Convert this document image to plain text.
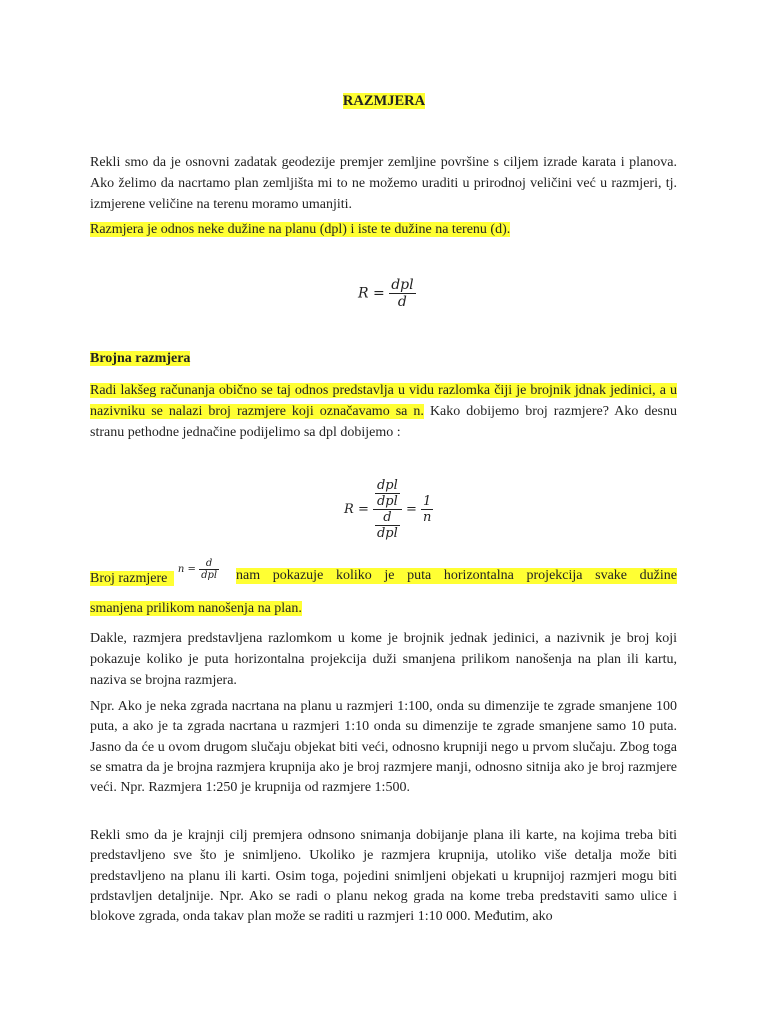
RAZMJERA
Rekli smo da je osnovni zadatak geodezije premjer zemljine površine s ciljem izrade karata i planova. Ako želimo da nacrtamo plan zemljišta mi to ne možemo uraditi u prirodnoj veličini već u razmjeri, tj. izmjerene veličine na terenu moramo umanjiti.
Razmjera je odnos neke dužine na planu (dpl) i iste te dužine na terenu (d).
$R = \frac{\text{dpl}}{d}$
Brojna razmjera
Radi lakšeg računanja obično se taj odnos predstavlja u vidu razlomka čiji je brojnik jdnak jedinici, a u nazivniku se nalazi broj razmjere koji označavamo sa n. Kako dobijemo broj razmjere? Ako desnu stranu pethodne jednačine podijelimo sa dpl dobijemo :
$R = \frac{\frac{\text{dpl}}{\text{dpl}}}{\frac{d}{\text{dpl}}} = \frac{1}{n}$
Broj razmjere   $^{n = \frac{d}{\text{dpl}}}$ nam pokazuje koliko je puta horizontalna projekcija svake dužine
smanjena prilikom nanošenja na plan.
Dakle, razmjera predstavljena razlomkom u kome je brojnik jednak jedinici, a nazivnik je broj koji pokazuje koliko je puta horizontalna projekcija duži smanjena prilikom nanošenja na plan ili kartu, naziva se brojna razmjera.
Npr. Ako je neka zgrada nacrtana na planu u razmjeri 1:100, onda su dimenzije te zgrade smanjene 100 puta, a ako je ta zgrada nacrtana u razmjeri 1:10 onda su dimenzije te zgrade smanjene samo 10 puta. Jasno da će u ovom drugom slučaju objekat biti veći, odnosno krupniji nego u prvom slučaju. Zbog toga se smatra da je brojna razmjera krupnija ako je broj razmjere manji, odnosno sitnija ako je broj razmjere veći. Npr. Razmjera 1:250 je krupnija od razmjere 1:500.
Rekli smo da je krajnji cilj premjera odnsono snimanja dobijanje plana ili karte, na kojima treba biti predstavljeno sve što je snimljeno. Ukoliko je razmjera krupnija, utoliko više detalja može biti predstavljeno na planu ili karti. Osim toga, pojedini snimljeni objekati u krupnijoj razmjeri mogu biti prdstavljen detaljnije. Npr. Ako se radi o planu nekog grada na kome treba predstaviti samo ulice i blokove zgrada, onda takav plan može se raditi u razmjeri 1:10 000. Međutim, ako
